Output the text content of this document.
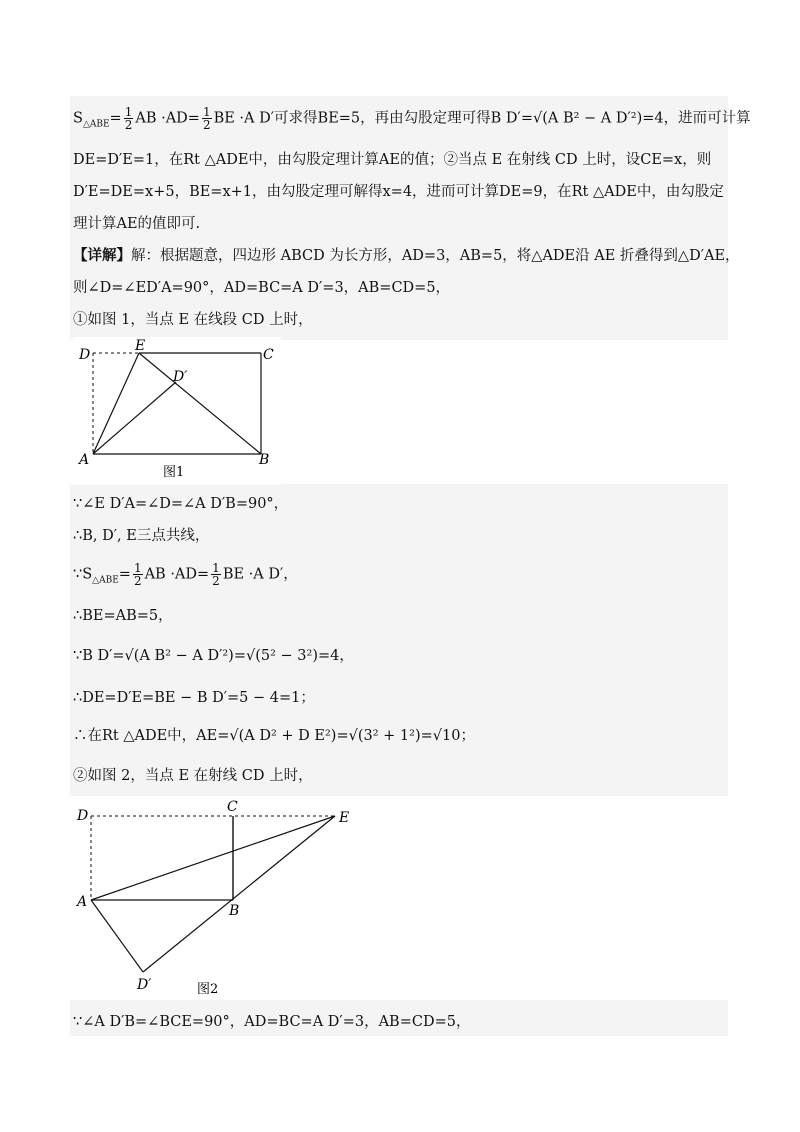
$S_{\triangle ABE}= \frac{1}{2}$ AB $\cdot AD= \frac{1}{2}$ BE ·A D′可求得BE=5，再由勾股定理可得B D′=√(A B² − A D′²)=4，进而可计算
DE=D′E=1，在Rt △ADE中，由勾股定理计算AE的值；②当点 E 在射线 CD 上时，设CE=x，则
D′E=DE=x+5，BE=x+1，由勾股定理可解得x=4，进而可计算DE=9，在Rt △ADE中，由勾股定
理计算AE的值即可.
【详解】解：根据题意，四边形 ABCD 为长方形，AD=3，AB=5，将△ADE沿 AE 折叠得到△D′AE，
则∠D=∠ED′A=90°，AD=BC=A D′=3，AB=CD=5，
①如图 1，当点 E 在线段 CD 上时，
D
E
C
D′
A	B
图1
∵∠E D′A=∠D=∠A D′B=90°，
∴B, D′, E三点共线，
$\because S_{\triangle ABE}= \frac{1}{2}$ AB $\cdot AD= \frac{1}{2}$ BE ·A D′，
∴BE=AB=5，
∵B D′=√(A B² − A D′²)=√(5² − 3²)=4，
∴DE=D′E=BE − B D′=5 − 4=1；
∴在Rt △ADE中，AE=√(A D² + D E²)=√(3² + 1²)=√10；
②如图 2，当点 E 在射线 CD 上时，
D
C
E
A
B
D′	图2
∵∠A D′B=∠BCE=90°，AD=BC=A D′=3，AB=CD=5，
